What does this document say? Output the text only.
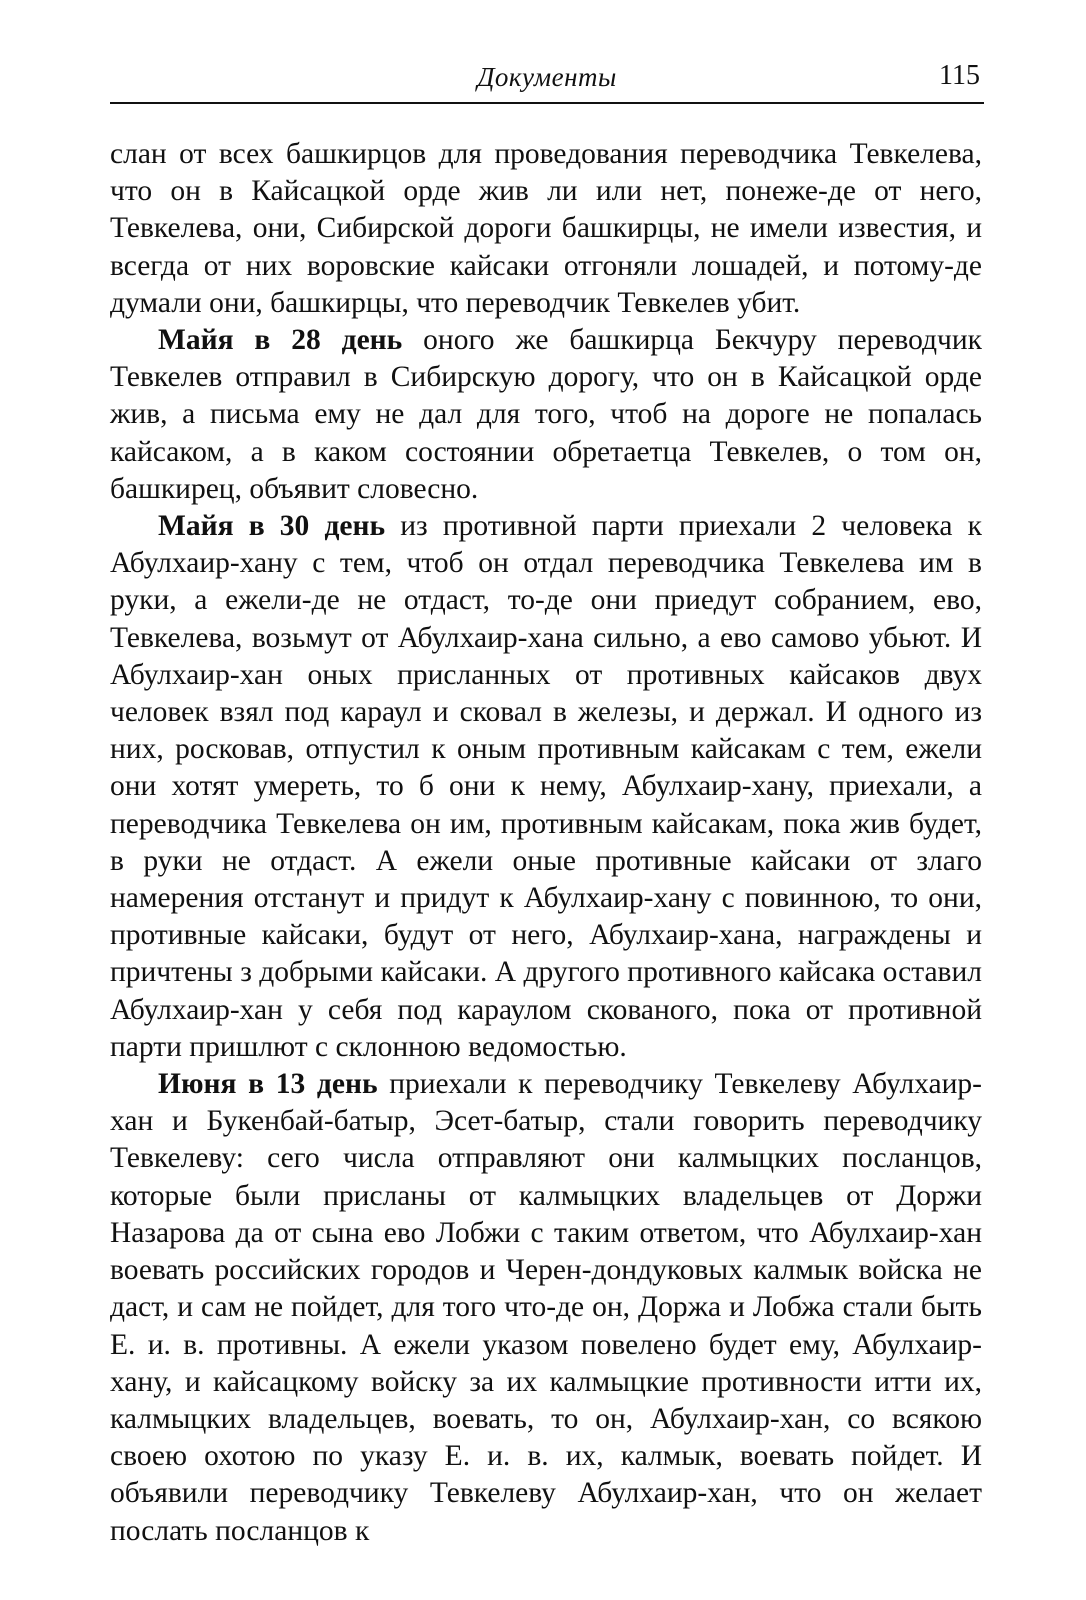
Документы	115

слан от всех башкирцов для проведования переводчика Тевкелева, что он в Кайсацкой орде жив ли или нет, понеже-де от него, Тевкелева, они, Сибирской дороги башкирцы, не имели известия, и всегда от них воровские кайсаки отгоняли лошадей, и потому-де думали они, башкирцы, что переводчик Тевкелев убит.

Майя в 28 день оного же башкирца Бекчуру переводчик Тевкелев отправил в Сибирскую дорогу, что он в Кайсацкой орде жив, а письма ему не дал для того, чтоб на дороге не попалась кайсаком, а в каком состоянии обретаетца Тевкелев, о том он, башкирец, объявит словесно.

Майя в 30 день из противной парти приехали 2 человека к Абулхаир-хану с тем, чтоб он отдал переводчика Тевкелева им в руки, а ежели-де не отдаст, то-де они приедут собранием, ево, Тевкелева, возьмут от Абулхаир-хана сильно, а ево самово убьют. И Абулхаир-хан оных присланных от противных кайсаков двух человек взял под караул и сковал в железы, и держал. И одного из них, росковав, отпустил к оным противным кайсакам с тем, ежели они хотят умереть, то б они к нему, Абулхаир-хану, приехали, а переводчика Тевкелева он им, противным кайсакам, пока жив будет, в руки не отдаст. А ежели оные противные кайсаки от злаго намерения отстанут и придут к Абулхаир-хану с повинною, то они, противные кайсаки, будут от него, Абулхаир-хана, награждены и причтены з добрыми кайсаки. А другого противного кайсака оставил Абулхаир-хан у себя под караулом скованого, пока от противной парти пришлют с склонною ведомостью.

Июня в 13 день приехали к переводчику Тевкелеву Абулхаир-хан и Букенбай-батыр, Эсет-батыр, стали говорить переводчику Тевкелеву: сего числа отправляют они калмыцких посланцов, которые были присланы от калмыцких владельцев от Доржи Назарова да от сына ево Лобжи с таким ответом, что Абулхаир-хан воевать российских городов и Черен-дондуковых калмык войска не даст, и сам не пойдет, для того что-де он, Доржа и Лобжа стали быть Е. и. в. противны. А ежели указом повелено будет ему, Абулхаир-хану, и кайсацкому войску за их калмыцкие противности итти их, калмыцких владельцев, воевать, то он, Абулхаир-хан, со всякою своею охотою по указу Е. и. в. их, калмык, воевать пойдет. И объявили переводчику Тевкелеву Абулхаир-хан, что он желает послать посланцов к
